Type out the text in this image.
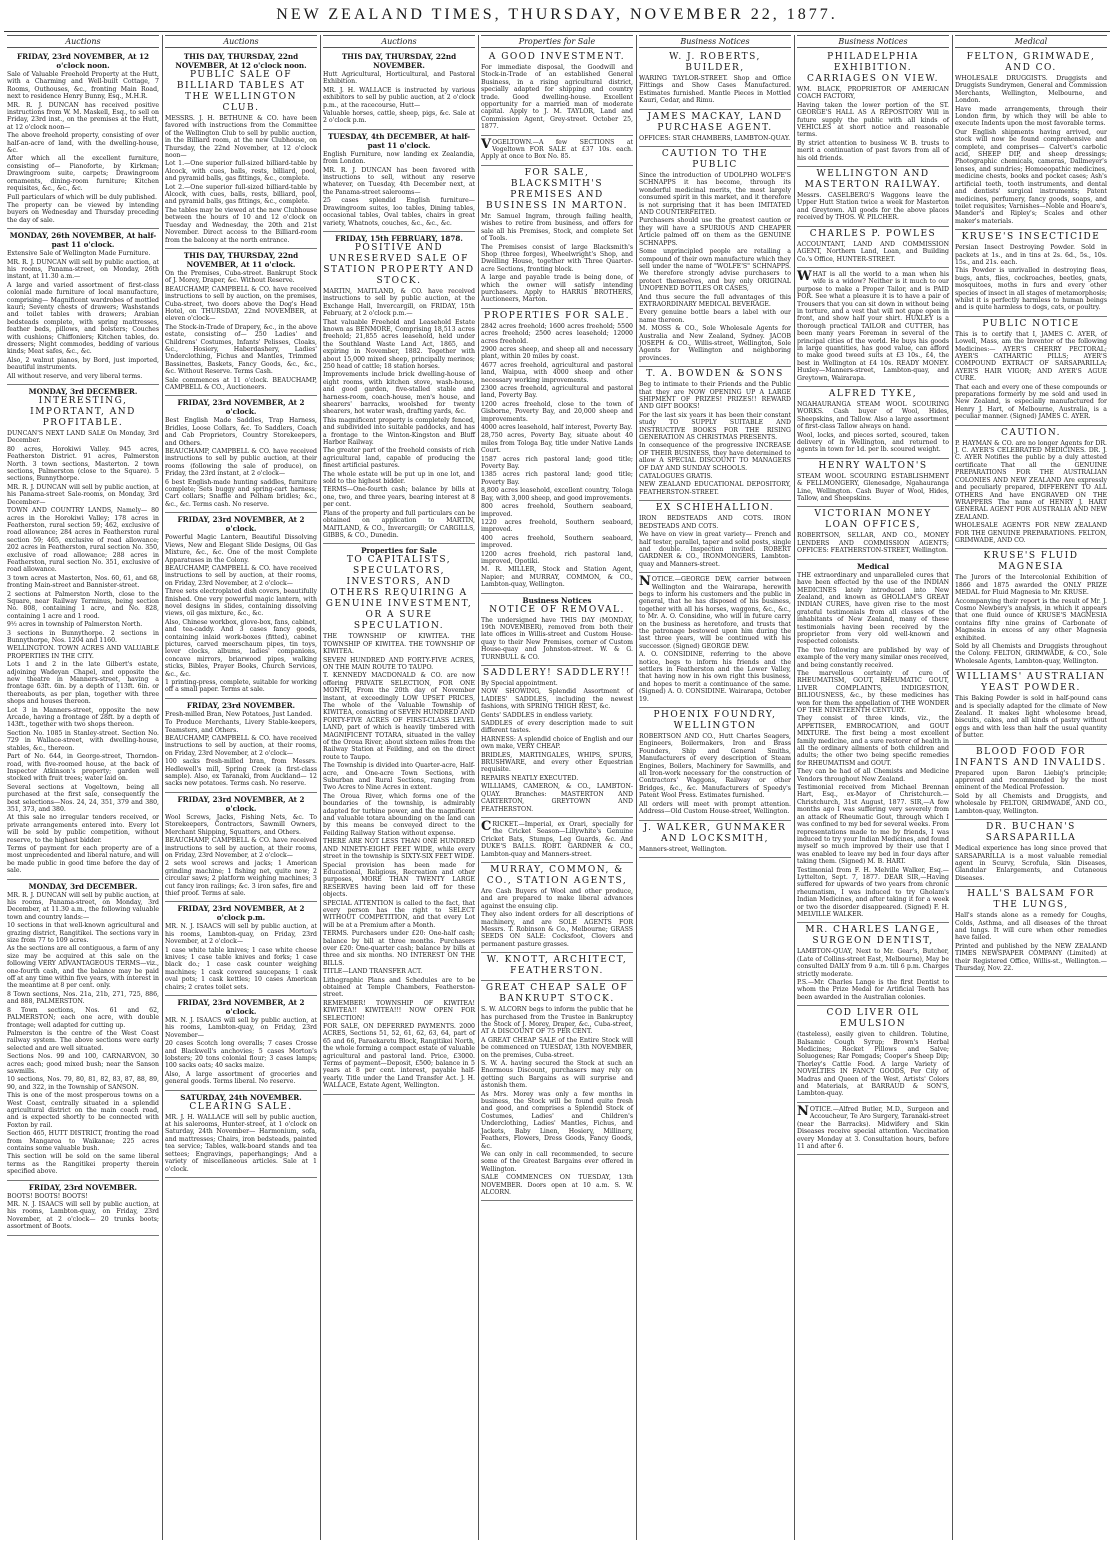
NEW ZEALAND TIMES, THURSDAY, NOVEMBER 22, 1877.
Auctions
FRIDAY, 23rd NOVEMBER, At 12 o'clock noon.

Sale of Valuable Freehold Property at the Hutt, with a Charming and Well-built Cottage, 7 Rooms, Outhouses, &c., fronting Main Road, next to residence Henry Bunny, Esq., M.H.R.

MR. R. J. DUNCAN has received positive instructions from W. M. Maskell, Esq., to sell on Friday, 23rd inst., on the premises at the Hutt, at 12 o'clock noon—

The above freehold property, consisting of over half-an-acre of land, with the dwelling-house, &c.

After which all the excellent furniture, consisting of— Pianoforte, by Kirkman; Drawingroom suite, carpets; Drawingroom ornaments, dining-room furniture; Kitchen requisites, &c., &c., &c.

Full particulars of which will be duly published.

The property can be viewed by intending buyers on Wednesday and Thursday preceding the day of sale.

MONDAY, 26th NOVEMBER, At half-past 11 o'clock.

Extensive Sale of Wellington Made Furniture.

MR. R. J. DUNCAN will sell by public auction, at his rooms, Panama-street, on Monday, 26th instant, at 11.30 a.m.—

A large and varied assortment of first-class colonial made furniture of local manufacture, comprising— Magnificent wardrobes of mottled kauri; Seventy chests of drawers; Washstands and toilet tables with drawers; Arabian bedsteads complete, with spring mattresses, feather beds, pillows, and bolsters; Couches with cushions; Chiffoniers; Kitchen tables, do. dressers; Night commodes, bedding of various kinds; Meat safes, &c., &c.

Also, 2 walnut pianos, by Bord, just imported, beautiful instruments.

All without reserve, and very liberal terms.

MONDAY, 3rd DECEMBER.
INTERESTING, IMPORTANT, AND PROFITABLE.

DUNCAN'S NEXT LAND SALE On Monday, 3rd December.

80 acres, Horokiwi Valley. 945 acres, Featherston District. 91 acres, Palmerston North. 3 town sections, Masterton. 2 town sections, Palmerston (close to the Square). 5 sections, Bunnythorpe.

MR. R. J. DUNCAN will sell by public auction, at his Panama-street Sale-rooms, on Monday, 3rd December—

TOWN AND COUNTRY LANDS, Namely— 80 acres in the Horokiwi Valley; 178 acres in Featherston, rural section 59; 462, exclusive of road allowance; 284 acres in Featherston rural section 59; 465, exclusive of road allowance; 202 acres in Featherston, rural section No. 350, exclusive of road allowance; 288 acres in Featherston, rural section No. 351, exclusive of road allowance.

3 town acres at Masterton, Nos. 60, 61, and 68, fronting Main-street and Bannister-street.

2 sections at Palmerston North, close to the Square, near Railway Terminus, being section No. 808, containing 1 acre, and No. 828, containing 1 acre and 1 rood.

9½ acres in township of Palmerston North.

3 sections in Bunnythorpe. 2 sections in Bunnythorpe, Nos. 1204 and 1160.

WELLINGTON. TOWN ACRES AND VALUABLE PROPERTIES IN THE CITY.

Lots 1 and 2 in the late Gilbert's estate, adjoining Wadeyan Chapel, and opposite the new theatre in Manners-street, having a frontage 63ft. 6in. by a depth of 113ft. 6in. or thereabouts, as per plan, together with three shops and houses thereon.

Lot 3 in Manners-street, opposite the new Arcade, having a frontage of 28ft. by a depth of 143ft., together with two shops thereon.

Section No. 1085 in Stanley-street. Section No. 729 in Wallace-street, with dwelling-house, stables, &c., thereon.

Part of No. 644, in George-street, Thorndon-road, with five-roomed house, at the back of Inspector Atkinson's property; garden well stocked with fruit trees; water laid on.

Several sections at Vogeltown, being all purchased at the first sale, consequently the best selections—Nos. 24, 24, 351, 379 and 380, 351, 373, and 380.

At this sale no irregular tenders received, or private arrangements entered into. Every lot will be sold by public competition, without reserve, to the highest bidder.

Terms of payment for each property are of a most unprecedented and liberal nature, and will be made public in good time before the day of sale.

MONDAY, 3rd DECEMBER.

MR. R. J. DUNCAN will sell by public auction, at his rooms, Panama-street, on Monday, 3rd December, at 11.30 a.m., the following valuable town and country lands:—

10 sections in that well-known agricultural and grazing district, Rangitikei. The sections vary in size from 77 to 109 acres.

As the sections are all contiguous, a farm of any size may be acquired at this sale on the following VERY ADVANTAGEOUS TERMS—viz., one-fourth cash, and the balance may be paid off at any time within five years, with interest in the meantime at 8 per cent. only.

8 Town sections, Nos. 21a, 21b, 271, 725, 886, and 888, PALMERSTON.

8 Town sections, Nos. 61 and 62, PALMERSTON; each one acre, with double frontage; well adapted for cutting up.

Palmerston is the centre of the West Coast railway system. The above sections were early selected and are well situated.

Sections Nos. 99 and 100, CARNARVON, 30 acres each; good mixed bush; near the Sanson sawmills.

10 sections, Nos. 79, 80, 81, 82, 83, 87, 88, 89, 90, and 322, in the Township of SANSON.

This is one of the most prosperous towns on a West Coast, centrally situated in a splendid agricultural district on the main coach road, and is expected shortly to be connected with Foxton by rail.

Section 465, HUTT DISTRICT, fronting the road from Mangaroa to Waikanae; 225 acres contains some valuable bush.

This section will be sold on the same liberal terms as the Rangitikei property therein specified above.

FRIDAY, 23rd NOVEMBER.

BOOTS! BOOTS! BOOTS!

MR. N. J. ISAACS will sell by public auction, at his rooms, Lambton-quay, on Friday, 23rd November, at 2 o'clock— 20 trunks boots; assortment of Boots.

Auctions
THIS DAY, THURSDAY, 22nd NOVEMBER, At 12 o'clock noon.
PUBLIC SALE OF BILLIARD TABLES AT THE WELLINGTON CLUB.

MESSRS. J. H. BETHUNE & CO. have been favored with instructions from the Committee of the Wellington Club to sell by public auction, in the Billiard room, at the new Clubhouse, on Thursday, the 22nd November, at 12 o'clock noon—

Lot 1.—One superior full-sized billiard-table by Alcock, with cues, balls, rests, billiard, pool, and pyramid balls, gas fittings, &c., complete.

Lot 2.—One superior full-sized billiard-table by Alcock, with cues, balls, rests, billiard, pool, and pyramid balls, gas fittings, &c., complete.

The tables may be viewed at the new Clubhouse between the hours of 10 and 12 o'clock on Tuesday and Wednesday, the 20th and 21st November. Direct access to the Billiard-room from the balcony at the north entrance.

THIS DAY, THURSDAY, 22nd NOVEMBER, At 11 o'clock.

On the Premises, Cuba-street. Bankrupt Stock of J. Morey, Draper, &c. Without Reserve.

BEAUCHAMP, CAMPBELL & CO. have received instructions to sell by auction, on the premises, Cuba-street, two doors above the Dog's Head Hotel, on THURSDAY, 22nd NOVEMBER, at eleven o'clock—

The Stock-in-Trade of Drapery, &c., in the above estate, consisting of— 250 Ladies' and Childrens' Costumes, Infants' Pelisses, Cloaks, &c., Hosiery, Haberdashery, Ladies' Underclothing, Fichus and Mantles, Trimmed Bassinettes, Baskets, Fancy Goods, &c., &c., &c. Without Reserve. Terms Cash.

Sale commences at 11 o'clock. BEAUCHAMP, CAMPBELL & CO., Auctioneers.

FRIDAY, 23rd NOVEMBER, At 2 o'clock.

Best English Made Saddles, Trap Harness, Bridles, Loose Collars, &c. To Saddlers, Coach and Cab Proprietors, Country Storekeepers, and Others.

BEAUCHAMP, CAMPBELL & CO. have received instructions to sell by public auction, at their rooms (following the sale of produce), on Friday, the 23rd instant, at 2 o'clock—

6 best English-made hunting saddles, furniture complete; Sets buggy and spring-cart harness; Cart collars; Snaffle and Pelham bridles; &c., &c., &c. Terms cash. No reserve.

FRIDAY, 23rd NOVEMBER, At 2 o'clock.

Powerful Magic Lantern, Beautiful Dissolving Views, New and Elegant Slide Designs, Oil Gas Mixture, &c., &c. One of the most Complete Apparatuses in the Colony.

BEAUCHAMP, CAMPBELL & CO. have received instructions to sell by auction, at their rooms, on Friday, 23rd November, at 2 o'clock—

Three sets electroplated dish covers, beautifully finished. One very powerful magic lantern, with novel designs in slides, containing dissolving views, oil gas mixture, &c., &c.

Also, Chinese workbox, glove-box, fans, cabinet, and tea-caddy. And 3 cases fancy goods, containing inlaid work-boxes (fitted), cabinet pictures, carved meerschaum pipes, tin toys, lever clocks, albums, ladies' companions, concave mirrors, briarwood pipes, walking sticks, Bibles, Prayer Books, Church Services, &c., &c.

1 printing-press, complete, suitable for working off a small paper. Terms at sale.

FRIDAY, 23rd NOVEMBER.

Fresh-milled Bran, New Potatoes, Just Landed.

To Produce Merchants, Livery Stable-keepers, Teamsters, and Others.

BEAUCHAMP, CAMPBELL & CO. have received instructions to sell by auction, at their rooms, on Friday, 23rd November, at 2 o'clock—

100 sacks fresh-milled bran, from Messrs. Hedlewell's mill, Spring Creek (a first-class sample). Also, ex Taranaki, from Auckland— 12 sacks new potatoes. Terms cash. No reserve.

FRIDAY, 23rd NOVEMBER, At 2 o'clock.

Wool Screws, Jacks, Fishing Nets, &c. To Storekeepers, Contractors, Sawmill Owners, Merchant Shipping, Squatters, and Others.

BEAUCHAMP, CAMPBELL & CO. have received instructions to sell by auction, at their rooms, on Friday, 23rd November, at 2 o'clock—

2 sets wool screws and jacks; 1 American grinding machine; 1 fishing net, quite new; 2 circular saws; 2 platform weighing machines; 3 cut fancy iron railings; &c. 3 iron safes, fire and thief proof. Terms at sale.

FRIDAY, 23rd NOVEMBER, At 2 o'clock p.m.

MR. N. J. ISAACS will sell by public auction, at his rooms, Lambton-quay, on Friday, 23rd November, at 2 o'clock—

1 case white table knives; 1 case white cheese knives; 1 case table knives and forks; 1 case black do.; 1 case cask counter weighing machines; 1 cask covered saucepans; 1 cask oval pots; 1 cask kettles; 10 cases American chairs; 2 crates toilet sets.

FRIDAY, 23rd NOVEMBER, At 2 o'clock.

MR. N. J. ISAACS will sell by public auction, at his rooms, Lambton-quay, on Friday, 23rd November—

20 cases Scotch long overalls; 7 cases Crosse and Blackwell's anchovies; 5 cases Morton's lobsters; 20 tons colonial flour; 3 cases lamps; 100 sacks oats; 40 sacks maize.

Also, A large assortment of groceries and general goods. Terms liberal. No reserve.

SATURDAY, 24th NOVEMBER.
CLEARING SALE.

MR. J. H. WALLACE will sell by public auction, at his salerooms, Hunter-street, at 1 o'clock on Saturday, 24th November— Harmonium, sofa, and mattresses; Chairs, iron bedsteads, painted tea service; Tables, walk-board stands and tea settees; Engravings, paperhangings; And a variety of miscellaneous articles. Sale at 1 o'clock.

Auctions
THIS DAY, THURSDAY, 22nd NOVEMBER.

Hutt Agricultural, Horticultural, and Pastoral Exhibition.

MR. J. H. WALLACE is instructed by various exhibitors to sell by public auction, at 2 o'clock p.m., at the racecourse, Hutt—

Valuable horses, cattle, sheep, pigs, &c. Sale at 2 o'clock p.m.

TUESDAY, 4th DECEMBER, At half-past 11 o'clock.

English Furniture, now landing ex Zealandia, from London.

MR. R. J. DUNCAN has been favored with instructions to sell, without any reserve whatever, on Tuesday, 4th December next, at the Panama-street salerooms—

25 cases splendid English furniture—Drawingroom suites, loo tables, Dining tables, occasional tables, Oval tables, chairs in great variety, Whatnots, couches, &c., &c., &c.

FRIDAY, 15th FEBRUARY, 1878.
POSITIVE AND UNRESERVED SALE OF STATION PROPERTY AND STOCK.

MARTIN, MAITLAND, & CO. have received instructions to sell by public auction, at the Exchange Hall, Invercargill, on FRIDAY, 15th February, at 2 o'clock p.m.—

That valuable Freehold and Leasehold Estate known as BENMORE, Comprising 18,513 acres freehold; 21,855 acres leasehold, held under the Southland Waste Land Act, 1865, and expiring in November, 1882. Together with about 15,000 mixed sheep, principally merinos; 250 head of cattle; 18 station horses.

Improvements include brick dwelling-house of eight rooms, with kitchen stove, wash-house, and good garden, five-stalled stable and harness-room, coach-house, men's house, and shearers' barracks, woolshed for twenty shearers, hot water wash, drafting yards, &c.

This magnificent property is completely fenced, and subdivided into suitable paddocks, and has a frontage to the Winton-Kingston and Bluff Harbor Railway.

The greater part of the freehold consists of rich agricultural land, capable of producing the finest artificial pastures.

The whole estate will be put up in one lot, and sold to the highest bidder.

TERMS—One-fourth cash; balance by bills at one, two, and three years, bearing interest at 8 per cent.

Plans of the property and full particulars can be obtained on application to MARTIN, MAITLAND, & CO., Invercargill; Or CARGILLS, GIBBS, & CO., Dunedin.

Properties for Sale
TO CAPITALISTS, SPECULATORS, INVESTORS, AND OTHERS REQUIRING A GENUINE INVESTMENT, OR A SURE SPECULATION.

THE TOWNSHIP OF KIWITEA. THE TOWNSHIP OF KIWITEA. THE TOWNSHIP OF KIWITEA.

SEVEN HUNDRED AND FORTY-FIVE ACRES, ON THE MAIN ROUTE TO TAUPO.

T. KENNEDY MACDONALD & CO. are now offering PRIVATE SELECTION, FOR ONE MONTH, From the 20th day of November instant, at exceedingly LOW UPSET PRICES, The whole of the Valuable Township of KIWITEA, consisting of SEVEN HUNDRED AND FORTY-FIVE ACRES OF FIRST-CLASS LEVEL LAND, part of which is heavily timbered with MAGNIFICENT TOTARA, situated in the valley of the Oroua River, about sixteen miles from the Railway Station at Feilding, and on the direct route to Taupo.

The Township is divided into Quarter-acre, Half-acre, and One-acre Town Sections, with Suburban and Rural Sections, ranging from Two Acres to Nine Acres in extent.

The Oroua River, which forms one of the boundaries of the township, is admirably adapted for turbine power, and the magnificent and valuable totara abounding on the land can by this means be conveyed direct to the Feilding Railway Station without expense.

THERE ARE NOT LESS THAN ONE HUNDRED AND NINETY-EIGHT FEET WIDE, while every street in the township is SIXTY-SIX FEET WIDE.

Special provision has been made for Educational, Religious, Recreation and other purposes, MORE THAN TWENTY LARGE RESERVES having been laid off for these objects.

SPECIAL ATTENTION is called to the fact, that every person has the right to SELECT WITHOUT COMPETITION, and that every Lot will be at a Premium after a Month.

TERMS. Purchasers under £20: One-half cash; balance by bill at three months. Purchasers over £20: One-quarter cash; balance by bills at three and six months. NO INTEREST ON THE BILLS.

TITLE—LAND TRANSFER ACT.

Lithographic Plans and Schedules are to be obtained at Temple Chambers, Featherston-street.

REMEMBER! TOWNSHIP OF KIWITEA! KIWITEA!! KIWITEA!!! NOW OPEN FOR SELECTION!

FOR SALE, ON DEFERRED PAYMENTS. 2000 ACRES, Sections 51, 52, 61, 62, 63, 64, part of 65 and 66, Paraekaretu Block, Rangitikei North, the whole forming a compact estate of valuable agricultural and pastoral land. Price, £3000. Terms of payment—Deposit, £500; balance in 5 years at 8 per cent. interest, payable half-yearly. Title under the Land Transfer Act. J. H. WALLACE, Estate Agent, Wellington.

Properties for Sale
A GOOD INVESTMENT.

For immediate disposal, the Goodwill and Stock-in-Trade of an established General Business, in a rising agricultural district, specially adapted for shipping and country trade. Good dwelling-house. Excellent opportunity for a married man of moderate capital. Apply to J. M. TAYLOR, Land and Commission Agent, Grey-street. October 25, 1877.

VOGELTOWN.—A few SECTIONS at Vogeltown FOR SALE at £37 10s. each. Apply at once to Box No. 85.

FOR SALE, BLACKSMITH'S PREMISES AND BUSINESS IN MARTON.

Mr. Samuel Ingram, through failing health, wishes to retire from business, and offers for sale all his Premises, Stock, and complete Set of Tools.

The Premises consist of large Blacksmith's Shop (three forges), Wheelwright's Shop, and Dwelling House, together with Three Quarter-acre Sections, fronting block.

A large and payable trade is being done, of which the owner will satisfy intending purchasers. Apply to HARRIS BROTHERS, Auctioneers, Marton.

PROPERTIES FOR SALE.

2842 acres freehold; 1600 acres freehold; 5500 acres freehold; 2500 acres leasehold; 12000 acres freehold.

2900 acres sheep, and sheep all and necessary plant, within 20 miles by coast.

4677 acres freehold, agricultural and pastoral land, Waipua, with 4000 sheep and other necessary working improvements.

2300 acres freehold, agricultural and pastoral land, Poverty Bay.

1200 acres freehold, close to the town of Gisborne, Poverty Bay, and 20,000 sheep and improvements.

4000 acres leasehold, half interest, Poverty Bay.

28,750 acres, Poverty Bay, situate about 40 miles from Tologa Bay, title under Native Lands Court.

1587 acres rich pastoral land; good title; Poverty Bay.

1385 acres rich pastoral land; good title; Poverty Bay.

8,800 acres leasehold, excellent country, Tologa Bay, with 3,000 sheep, and good improvements.

800 acres freehold, Southern seaboard, improved.

1220 acres freehold, Southern seaboard, improved.

400 acres freehold, Southern seaboard, improved.

1200 acres freehold, rich pastoral land, improved, Opotiki.

M. R. MILLER, Stock and Station Agent, Napier; and MURRAY, COMMON, & CO., Lambton-quay, Wellington.

Business Notices
NOTICE OF REMOVAL.

The undersigned have THIS DAY (MONDAY, 19th NOVEMBER), removed from both their late offices in Willis-street and Custom House-quay to their New Premises, corner of Custom House-quay and Johnston-street. W. & G. TURNBULL & CO.

SADDLERY! SADDLERY!!

By Special appointment.

NOW SHOWING, Splendid Assortment of LADIES' SADDLES, including the newest fashions, with SPRING THIGH REST, &c.

Gents' SADDLES in endless variety.

SADDLES of every description made to suit different tastes.

HARNESS: A splendid choice of English and our own make, VERY CHEAP.

BRIDLES, MARTINGALES, WHIPS, SPURS, BRUSHWARE, and every other Equestrian requisite.

REPAIRS NEATLY EXECUTED.

WILLIAMS, CAMERON, & CO., LAMBTON-QUAY. Branches: MASTERTON AND CARTERTON, GREYTOWN AND FEATHERSTON.

CRICKET.—Imperial, ex Orari, specially for the Cricket Season—Lillywhite's Genuine Cricket Bats, Stumps, Leg Guards, &c. And DUKE'S BALLS. ROBT. GARDNER & CO., Lambton-quay and Manners-street.

MURRAY, COMMON, & CO., STATION AGENTS,

Are Cash Buyers of Wool and other produce, and are prepared to make liberal advances against the ensuing clip.

They also indent orders for all descriptions of machinery, and are SOLE AGENTS FOR Messrs. T. Robinson & Co., Melbourne; GRASS SEEDS ON SALE: Cocksfoot, Clovers and permanent pasture grasses.

W. KNOTT, ARCHITECT, FEATHERSTON.
GREAT CHEAP SALE OF BANKRUPT STOCK.

S. W. ALCORN begs to inform the public that he has purchased from the Trustee in Bankruptcy the Stock of J. Morey, Draper, &c., Cuba-street, AT A DISCOUNT OF 75 PER CENT.

A GREAT CHEAP SALE of the Entire Stock will be commenced on TUESDAY, 13th NOVEMBER, on the premises, Cuba-street.

S. W. A. having secured the Stock at such an Enormous Discount, purchasers may rely on getting such Bargains as will surprise and astonish them.

As Mrs. Morey was only a few months in business, the Stock will be found quite fresh and good, and comprises a Splendid Stock of Costumes, Ladies' and Children's Underclothing, Ladies' Mantles, Fichus, and Jackets, Baby Linen, Hosiery, Millinery, Feathers, Flowers, Dress Goods, Fancy Goods, &c.

We can only in call recommended, to secure some of the Greatest Bargains ever offered in Wellington.

SALE COMMENCES ON TUESDAY, 13th NOVEMBER. Doors open at 10 a.m. S. W. ALCORN.

Business Notices
W. J. ROBERTS, BUILDER,

WARING TAYLOR-STREET. Shop and Office Fittings and Show Cases Manufactured. Estimates furnished. Mantle Pieces in Mottled Kauri, Cedar, and Rimu.

JAMES MACKAY, LAND PURCHASE AGENT.

OFFICES: STAR CHAMBERS, LAMBTON-QUAY.

CAUTION TO THE PUBLIC

Since the introduction of UDOLPHO WOLFE'S SCHNAPPS it has become, through its wonderful medicinal merits, the most largely consumed spirit in this market, and it therefore is not surprising that it has been IMITATED AND COUNTERFEITED.

Purchasers should use the greatest caution or they will have a SPURIOUS AND CHEAPER Article palmed off on them as the GENUINE SCHNAPPS.

Some unprincipled people are retailing a compound of their own manufacture which they sell under the name of "WOLFE'S" SCHNAPPS. We therefore strongly advise purchasers to protect themselves, and buy only ORIGINAL UNOPENED BOTTLES OR CASES,

And thus secure the full advantages of this EXTRAORDINARY MEDICAL BEVERAGE.

Every genuine bottle bears a label with our name thereon.

M. MOSS & CO., Sole Wholesale Agents for Australia and New Zealand, Sydney. JACOB JOSEPH & CO., Willis-street, Wellington, Sole Agents for Wellington and neighboring provinces.

T. A. BOWDEN & SONS

Beg to intimate to their Friends and the Public that they are NOW OPENING UP A LARGE SHIPMENT OF PRIZES! PRIZES!! REWARD AND GIFT BOOKS!

For the last six years it has been their constant study TO SUPPLY SUITABLE AND INSTRUCTIVE BOOKS FOR THE RISING GENERATION AS CHRISTMAS PRESENTS.

In consequence of the progressive INCREASE OF THEIR BUSINESS, they have determined to allow A SPECIAL DISCOUNT TO MANAGERS OF DAY AND SUNDAY SCHOOLS.

CATALOGUES GRATIS.

NEW ZEALAND EDUCATIONAL DEPOSITORY, FEATHERSTON-STREET.

EX SCHIEHALLION.

IRON BEDSTEADS AND COTS. IRON BEDSTEADS AND COTS.

We have on view in great variety— French and half tester, parallel, taper and solid posts, single and double. Inspection invited. ROBERT GARDNER & CO., IRONMONGERS, Lambton-quay and Manners-street.

NOTICE.—GEORGE DEW, carrier between Wellington and the Wairarapa, herewith begs to inform his customers and the public in general, that he has disposed of his business, together with all his horses, waggons, &c., &c., to Mr. A. O. Considine, who will in future carry on the business as heretofore, and trusts that the patronage bestowed upon him during the last three years, will be continued with his successor. (Signed) GEORGE DEW.

A. O. CONSIDINE, referring to the above notice, begs to inform his friends and the settlers in Featherston and the Lower Valley, that having now in his own right this business, and hopes to merit a continuance of the same. (Signed) A. O. CONSIDINE. Wairarapa, October 19.

PHOENIX FOUNDRY, WELLINGTON

ROBERTSON AND CO., Hutt Charles Seagers, Engineers, Boilermakers, Iron and Brass Founders, Ship and General Smiths, Manufacturers of every description of Steam Engines, Boilers, Machinery for Sawmills, and all Iron-work necessary for the construction of Contractors' Waggons, Railway or other Bridges, &c., &c. Manufacturers of Speedy's Patent Wool Press. Estimates furnished.

All orders will meet with prompt attention. Address—Old Custom House-street, Wellington.

J. WALKER, GUNMAKER AND LOCKSMITH,

Manners-street, Wellington.

Business Notices
PHILADELPHIA EXHIBITION. CARRIAGES ON VIEW.

WM. BLACK, PROPRIETOR OF AMERICAN COACH FACTORY,

Having taken the lower portion of the ST. GEORGE'S HALL AS A REPOSITORY Will in future supply the public with all kinds of VEHICLES at short notice and reasonable terms.

By strict attention to business W. B. trusts to merit a continuation of past favors from all of his old friends.

WELLINGTON AND MASTERTON RAILWAY.

Messrs. CASELBERG'S Waggons leave the Upper Hutt Station twice a week for Masterton and Greytown. All goods for the above places received by THOS. W. PILCHER.

CHARLES P. POWLES

ACCOUNTANT, LAND AND COMMISSION AGENT, Northern Land, Loan, and Building Co.'s Office, HUNTER-STREET.

WHAT is all the world to a man when his wife is a widow? Neither is it much to our purpose to make a Proper Tailor, and is PAID FOR. See what a pleasure it is to have a pair of Trousers that you can sit down in without being in torture, and a vest that will not gape open in front, and show half your shirt. HUXLEY is a thorough practical TAILOR and CUTTER, has been many years Foreman in several of the principal cities of the world. He buys his goods in large quantities, has good value, can afford to make good tweed suits at £3 10s., £4, the best in Wellington at £4 10s. READY MONEY. Huxley—Manners-street, Lambton-quay, and Greytown, Wairarapa.

ALFRED TYKE,

NGAHAURANGA STEAM WOOL SCOURING WORKS. Cash buyer of Wool, Hides, Sheepskins, and Tallow. Also a large assortment of first-class Tallow always on hand.

Wool, locks, and pieces sorted, scoured, taken delivery of in Wellington, and returned to agents in town for 1d. per lb. scoured weight.

HENRY WALTON'S

STEAM WOOL SCOURING ESTABLISHMENT & FELLMONGERY, Glenesadge, Ngahauranga Line, Wellington. Cash Buyer of Wool, Hides, Tallow, and Sheepskins.

VICTORIAN MONEY LOAN OFFICES,

ROBERTSON, SELLAR, AND CO., MONEY LENDERS AND COMMISSION AGENTS; OFFICES: FEATHERSTON-STREET, Wellington.

Medical

THE extraordinary and unparalleled cures that have been effected by the use of the INDIAN MEDICINES lately introduced into New Zealand, and known as GHOLLAM'S GREAT INDIAN CURES, have given rise to the most grateful testimonials from all classes of the inhabitants of New Zealand, many of these testimonials having been received by the proprietor from very old well-known and respected colonists.

The two following are published by way of example of the very many similar ones received, and being constantly received.

The marvellous certainty of cure of RHEUMATISM, GOUT, RHEUMATIC GOUT, LIVER COMPLAINTS, INDIGESTION, BILIOUSNESS, &c., by these medicines has won for them the appellation of THE WONDER OF THE NINETEENTH CENTURY.

They consist of three kinds, viz., the APPETISER, EMBROCATION, and GOUT MIXTURE. The first being a most excellent family medicine, and a sure restorer of health in all the ordinary ailments of both children and adults; the other two being specific remedies for RHEUMATISM and GOUT.

They can be had of all Chemists and Medicine Vendors throughout New Zealand.

Testimonial received from Michael Brennan Hart, Esq., ex-Mayor of Christchurch.— Christchurch, 31st August, 1877. SIR,—A few months ago I was suffering very severely from an attack of Rheumatic Gout, through which I was confined to my bed for several weeks. From representations made to me by friends, I was induced to try your Indian Medicines, and found myself so much improved by their use that I was enabled to leave my bed in four days after taking them. (Signed) M. B. HART.

Testimonial from F. H. Melville Walker, Esq.— Lyttelton, Sept. 7, 1877. DEAR SIR,—Having suffered for upwards of two years from chronic rheumatism, I was induced to try Gholam's Indian Medicines, and after taking it for a week or two the disorder disappeared. (Signed) F. H. MELVILLE WALKER.

MR. CHARLES LANGE, SURGEON DENTIST,

LAMBTON-QUAY, Next to Mr. Gear's, Butcher, (Late of Collins-street East, Melbourne), May be consulted DAILY from 9 a.m. till 6 p.m. Charges strictly moderate.

P.S.—Mr. Charles Lange is the first Dentist to whom the Prize Medal for Artificial Teeth has been awarded in the Australian colonies.

COD LIVER OIL EMULSION

(tasteless), easily given to children. Tolutine, Balsamic Cough Syrup; Brown's Herbal Medicines; Rocket Pillows and Salve; Soluogenes; Rar Pomgads; Cooper's Sheep Dip; Thorley's Cattle Food. A large Variety of NOVELTIES IN FANCY GOODS, Per City of Madras and Queen of the West, Artists' Colors and Materials, at BARRAUD & SON'S, Lambton-quay.

NOTICE.—Alfred Butler, M.D., Surgeon and Accoucheur, Te Aro Surgery, Taranaki-street (near the Barracks). Midwifery and Skin Diseases receive special attention. Vaccination every Monday at 3. Consultation hours, before 11 and after 6.

Medical
FELTON, GRIMWADE, AND CO.

WHOLESALE DRUGGISTS. Druggists and Druggists Sundrymen, General and Commission Merchants, Wellington, Melbourne, and London.

Have made arrangements, through their London firm, by which they will be able to execute Indents upon the most favorable terms.

Our English shipments having arrived, our stock will now be found comprehensive and complete, and comprises— Calvert's carbolic acid, SHEEP DIP, and sheep dressings; Photographic chemicals, cameras, Dallmeyer's lenses, and sundries; Homoeopathic medicines, medicine chests, books and pocket cases; Ash's artificial teeth, tooth instruments, and dental and dentists' surgical instruments; Patent medicines, perfumery, fancy goods, soaps, and toilet requisites; Varnishes—Noble and Hoare's, Mander's and Ripley's; Scales and other maker's materials.

KRUSE'S INSECTICIDE

Persian Insect Destroying Powder. Sold in packets at 1s., and in tins at 2s. 6d., 5s., 10s. 15s., and 21s. each.

This Powder is unrivalled in destroying fleas, bugs, ants, flies, cockroaches, beetles, gnats, mosquitoes, moths in furs and every other species of insect in all stages of metamorphosis; whilst it is perfectly harmless to human beings and is quite harmless to dogs, cats, or poultry.

PUBLIC NOTICE

This is to certify that I, JAMES C. AYER, of Lowell, Mass, am the Inventor of the following Medicines:— AYER'S CHERRY PECTORAL; AYER'S CATHARTIC PILLS; AYER'S COMPOUND EXTRACT OF SARSAPARILLA; AYER'S HAIR VIGOR; AND AYER'S AGUE CURE.

That each and every one of these compounds or preparations formerly by me sold and used in New Zealand, is especially manufactured for Henry J. Hart, of Melbourne, Australia, is a peculiar manner. (Signed) JAMES C. AYER.

CAUTION.

P. HAYMAN & CO. are no longer Agents for DR. J. C. AYER'S CELEBRATED MEDICINES. DR. J. C. AYER Notifies the public by a duly attested certificate That all the GENUINE PREPARATIONS FOR THE AUSTRALIAN COLONIES AND NEW ZEALAND Are expressly and peculiarly prepared, DIFFERENT TO ALL OTHERS And have ENGRAVED ON THE WRAPPERS The name of HENRY J. HART GENERAL AGENT FOR AUSTRALIA AND NEW ZEALAND.

WHOLESALE AGENTS FOR NEW ZEALAND FOR THE GENUINE PREPARATIONS. FELTON, GRIMWADE, AND CO.

KRUSE'S FLUID MAGNESIA

The Jurors of the Intercolonial Exhibition of 1866 and 1875 awarded the ONLY PRIZE MEDAL for Fluid Magnesia to Mr. KRUSE.

Accompanying their report is the result of Mr. J. Cosmo Newbery's analysis, in which it appears that one fluid ounce of KRUSE'S MAGNESIA contains fifty nine grains of Carbonate of Magnesia in excess of any other Magnesia exhibited.

Sold by all Chemists and Druggists throughout the Colony. FELTON, GRIMWADE, & CO., Sole Wholesale Agents, Lambton-quay, Wellington.

WILLIAMS' AUSTRALIAN YEAST POWDER.

This Baking Powder is sold in half-pound cans and is specially adapted for the climate of New Zealand. It makes light wholesome bread, biscuits, cakes, and all kinds of pastry without eggs and with less than half the usual quantity of butter.

BLOOD FOOD FOR INFANTS AND INVALIDS.

Prepared upon Baron Liebig's principle; approved and recommended by the most eminent of the Medical Profession.

Sold by all Chemists and Druggists, and wholesale by FELTON, GRIMWADE, AND CO., Lambton-quay, Wellington.

DR. BUCHAN'S SARSAPARILLA

Medical experience has long since proved that SARSAPARILLA is a most valuable remedial agent in Scurvy, Scrofula, Skin Diseases, Glandular Enlargements, and Cutaneous Diseases.

HALL'S BALSAM FOR THE LUNGS,

Hall's stands alone as a remedy for Coughs, Colds, Asthma, and all diseases of the throat and lungs. It will cure when other remedies have failed.

Printed and published by the NEW ZEALAND TIMES NEWSPAPER COMPANY (Limited) at their Registered Office, Willis-st., Wellington.—Thursday, Nov. 22.
